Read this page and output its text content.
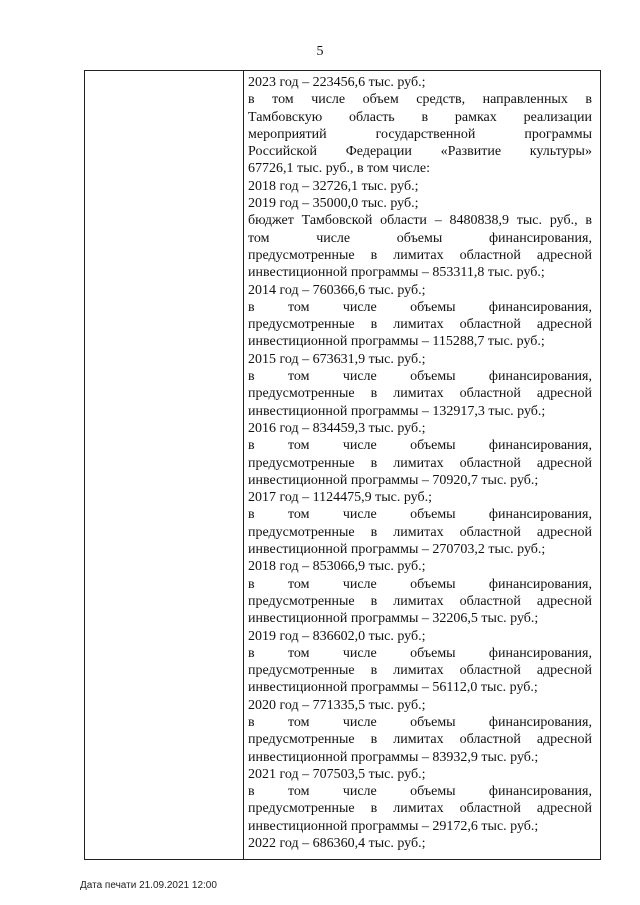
5
2023 год – 223456,6 тыс. руб.;
в том числе объем средств, направленных в
Тамбовскую область в рамках реализации
мероприятий	государственной	программы
Российской Федерации «Развитие культуры»
67726,1 тыс. руб., в том числе:
2018 год – 32726,1 тыс. руб.;
2019 год – 35000,0 тыс. руб.;
бюджет Тамбовской области – 8480838,9 тыс. руб., в
том	числе	объемы	финансирования,
предусмотренные в лимитах областной адресной
инвестиционной программы – 853311,8 тыс. руб.;
2014 год – 760366,6 тыс. руб.;
в том числе объемы финансирования,
предусмотренные в лимитах областной адресной
инвестиционной программы – 115288,7 тыс. руб.;
2015 год – 673631,9 тыс. руб.;
в том числе объемы финансирования,
предусмотренные в лимитах областной адресной
инвестиционной программы – 132917,3 тыс. руб.;
2016 год – 834459,3 тыс. руб.;
в том числе объемы финансирования,
предусмотренные в лимитах областной адресной
инвестиционной программы – 70920,7 тыс. руб.;
2017 год – 1124475,9 тыс. руб.;
в том числе объемы финансирования,
предусмотренные в лимитах областной адресной
инвестиционной программы – 270703,2 тыс. руб.;
2018 год – 853066,9 тыс. руб.;
в том числе объемы финансирования,
предусмотренные в лимитах областной адресной
инвестиционной программы – 32206,5 тыс. руб.;
2019 год – 836602,0 тыс. руб.;
в том числе объемы финансирования,
предусмотренные в лимитах областной адресной
инвестиционной программы – 56112,0 тыс. руб.;
2020 год – 771335,5 тыс. руб.;
в том числе объемы финансирования,
предусмотренные в лимитах областной адресной
инвестиционной программы – 83932,9 тыс. руб.;
2021 год – 707503,5 тыс. руб.;
в том числе объемы финансирования,
предусмотренные в лимитах областной адресной
инвестиционной программы – 29172,6 тыс. руб.;
2022 год – 686360,4 тыс. руб.;
Дата печати 21.09.2021 12:00
